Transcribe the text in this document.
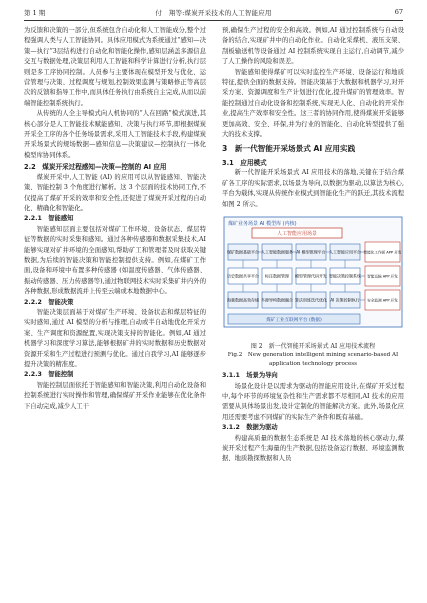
第 1 期	付　翔等:煤炭开采技术的人工智能应用	67

为反馈和决策的一部分,但系统包含自动化和人工智能成分,整个过程强调人类与人工智能协同。具体应用模式为系统通过“感知—决策—执行”3层结构进行自动化和智能化操作,感知层涵盖多源信息交互与数据处理,决策层利用人工智能和科学计算进行分析,执行层则是多工序协同控制。人员参与主要体现在模型开发与优化、运营管理与决策、过程调度与规划,控制效果监测与策略修正等高层次的反馈和指导工作中,而具体任务执行由系统自主完成,从而以前端智能控制系统执行。

从传统的人全主导模式向人机协同的“人在回路”模式演进,其核心部分是人工智能技术赋能感知、决策与执行环节,即根据煤炭开采全工序的各个任务场景需求,采用人工智能技术手段,构建煤炭开采场景式的规场数据—感知信息—决策建议—控制执行一体化模型库协同体系。

2.2　煤炭开采过程感知—决策—控制的 AI 应用

煤炭开采中,人工智能 (AI) 的应用可以从智能感知、智能决策、智能控制 3 个角度进行解析。这 3 个层面的技术协同工作,不仅提高了煤矿开采的效率和安全性,还促进了煤炭开采过程的自动化、精确化和智能化。

2.2.1　智能感知

智能感知层面主要包括对煤矿工作环境、设备状态、煤层特征等数据的实时采集和感知。通过各种传感器和数据采集技术,AI 能够实现对矿井环境的全面感知,帮助矿工和管理者及时获取关键数据,为后续的智能决策和智能控制提供支持。例如,在煤矿工作面,设备和环境中布置多种传感器 (如温度传感器、气体传感器、振动传感器、压力传感器等),通过物联网技术实时采集矿井内外的各种数据,形成数据流并上传至云端或本地数据中心。

2.2.2　智能决策

智能决策层面基于对煤矿生产环境、设备状态和煤层特征的实时感知,通过 AI 模型的分析与推理,自动或半自动地优化开采方案、生产调度和资源配置,实现决策支持的智能化。例如,AI 通过机器学习和深度学习算法,能够根据矿井的实时数据和历史数据对资源开采和生产过程进行预测与优化。通过自我学习,AI 能够逐步提升决策的精准度。

2.2.3　智能控制

智能控制层面依托于智能感知和智能决策,利用自动化设备和控制系统进行实时操作和管理,确保煤矿开采作业能够在优化条件下自动完成,减少人工干

预,确保生产过程的安全和高效。例如,AI 通过控制系统与自动设备的结合,实现矿井中的自动化作业。自动化采煤机、液压支架、刮板输送机等设备通过 AI 控制系统实现自主运行,自动调节,减少了人工操作的风险和误差。

智能感知使得煤矿可以实时监控生产环境、设备运行和地质特征,提供全面的数据支持。智能决策基于大数据和机器学习,对开采方案、资源调度和生产计划进行优化,提升煤矿的管理效率。智能控制通过自动化设备和控制系统,实现无人化、自动化的开采作业,提高生产效率和安全性。这三者的协同作用,使得煤炭开采能够更加高效、安全、环保,并为行业的智能化、自动化转型提供了强大的技术支撑。

3　新一代智能开采场景式 AI 应用实践
3.1　应用模式

新一代智能开采场景式 AI 应用技术的落地,关键在于结合煤矿各工序的实际需求,以场景为导向,以数据为驱动,以算法为核心,平台为载体,实现从传统作业模式到智能化生产的跃迁,其技术流程如图 2 所示。

煤矿业务场景 AI 模型库 (内核)
人工智能应用场景
煤矿数据基础平台 人工智能数据服务 AI 模型推理平台 人工智能应用平台
历史数据共享平台 标注数据管理 模型管理代码开发 智能决策控制系统
海量数据高效存储 多源异构数据融合 算法训练迭代优化 AI 决策控制执行
智能化工作面 APP 开发
智能运输 APP 开发
安全监测 APP 开发
煤矿工业互联网平台 (数据)
图 2　新一代智能开采场景式 AI 应用技术流程
Fig.2　New generation intelligent mining scenario-based AI
application technology process
3.1.1　场景为导向

场景化设计是以需求为驱动的智能应用设计,在煤矿开采过程中,每个环节的环境复杂性和生产需求都不尽相同,AI 技术的应用需要从具体场景出发,设计定制化的智能解决方案。此外,场景化应用还需要考虑不同煤矿的实际生产条件和既有基础。

3.1.2　数据为驱动

构建高质量的数据生态系统是 AI 技术落地的核心驱动力,煤炭开采过程产生海量的生产数据,包括设备运行数据、环境监测数据、地质勘探数据和人员
